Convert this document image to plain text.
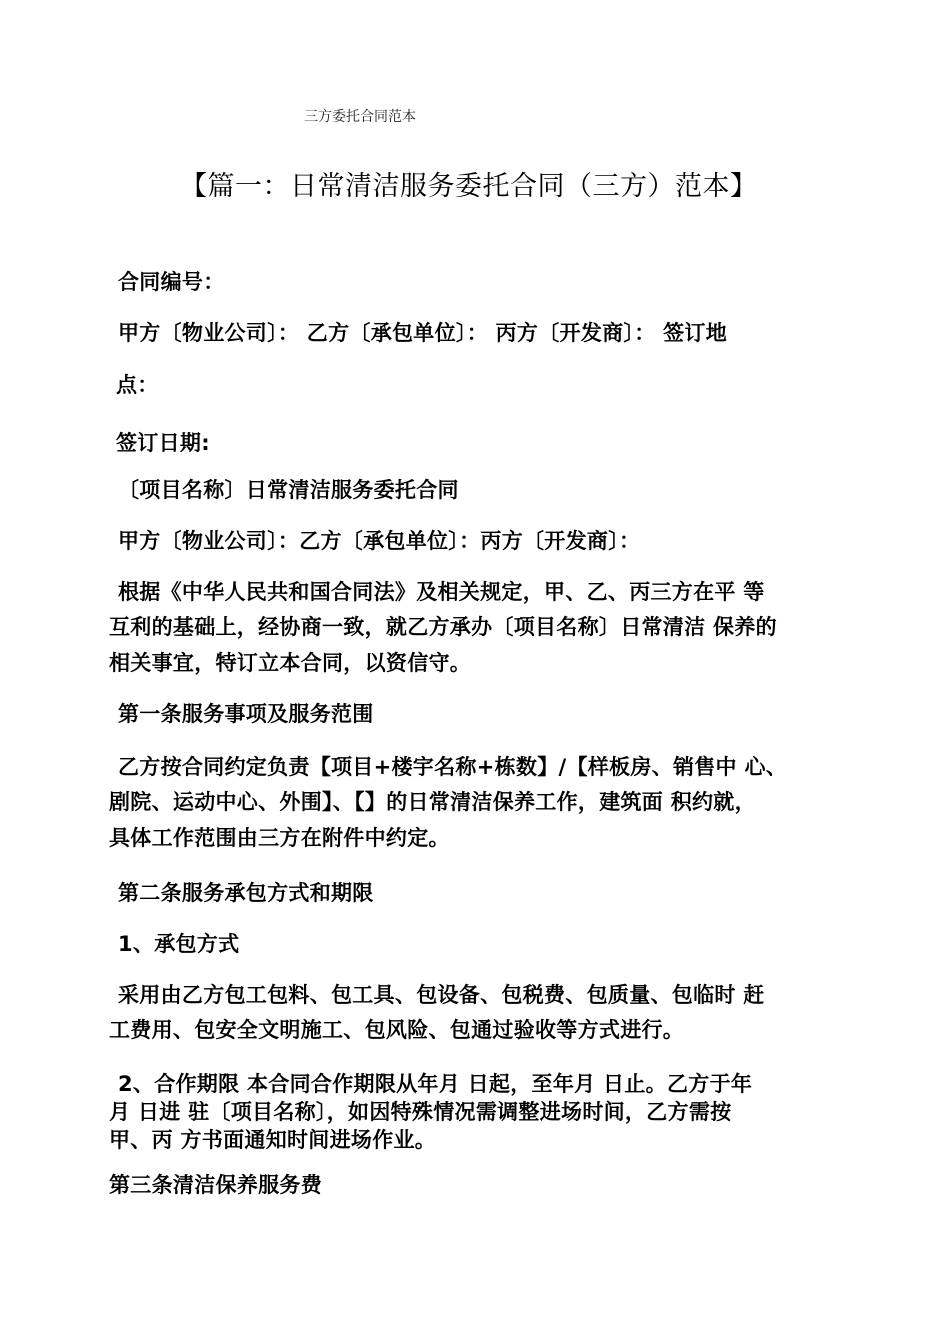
三方委托合同范本
【篇一：日常清洁服务委托合同（三方）范本】
合同编号：
甲方〔物业公司〕： 乙方〔承包单位〕： 丙方〔开发商〕： 签订地
点：
签订日期:
〔项目名称〕日常清洁服务委托合同
甲方〔物业公司〕：乙方〔承包单位〕：丙方〔开发商〕：
根据《中华人民共和国合同法》及相关规定，甲、乙、丙三方在平 等
互利的基础上，经协商一致，就乙方承办〔项目名称〕日常清洁 保养的
相关事宜，特订立本合同，以资信守。
第一条服务事项及服务范围
乙方按合同约定负责【项目+楼宇名称+栋数】/【样板房、销售中 心、
剧院、运动中心、外围】、【】的日常清洁保养工作，建筑面 积约就，
具体工作范围由三方在附件中约定。
第二条服务承包方式和期限
1、承包方式
采用由乙方包工包料、包工具、包设备、包税费、包质量、包临时 赶
工费用、包安全文明施工、包风险、包通过验收等方式进行。
2、合作期限 本合同合作期限从年月 日起，至年月 日止。乙方于年
月 日进 驻〔项目名称〕，如因特殊情况需调整进场时间，乙方需按
甲、丙 方书面通知时间进场作业。
第三条清洁保养服务费
